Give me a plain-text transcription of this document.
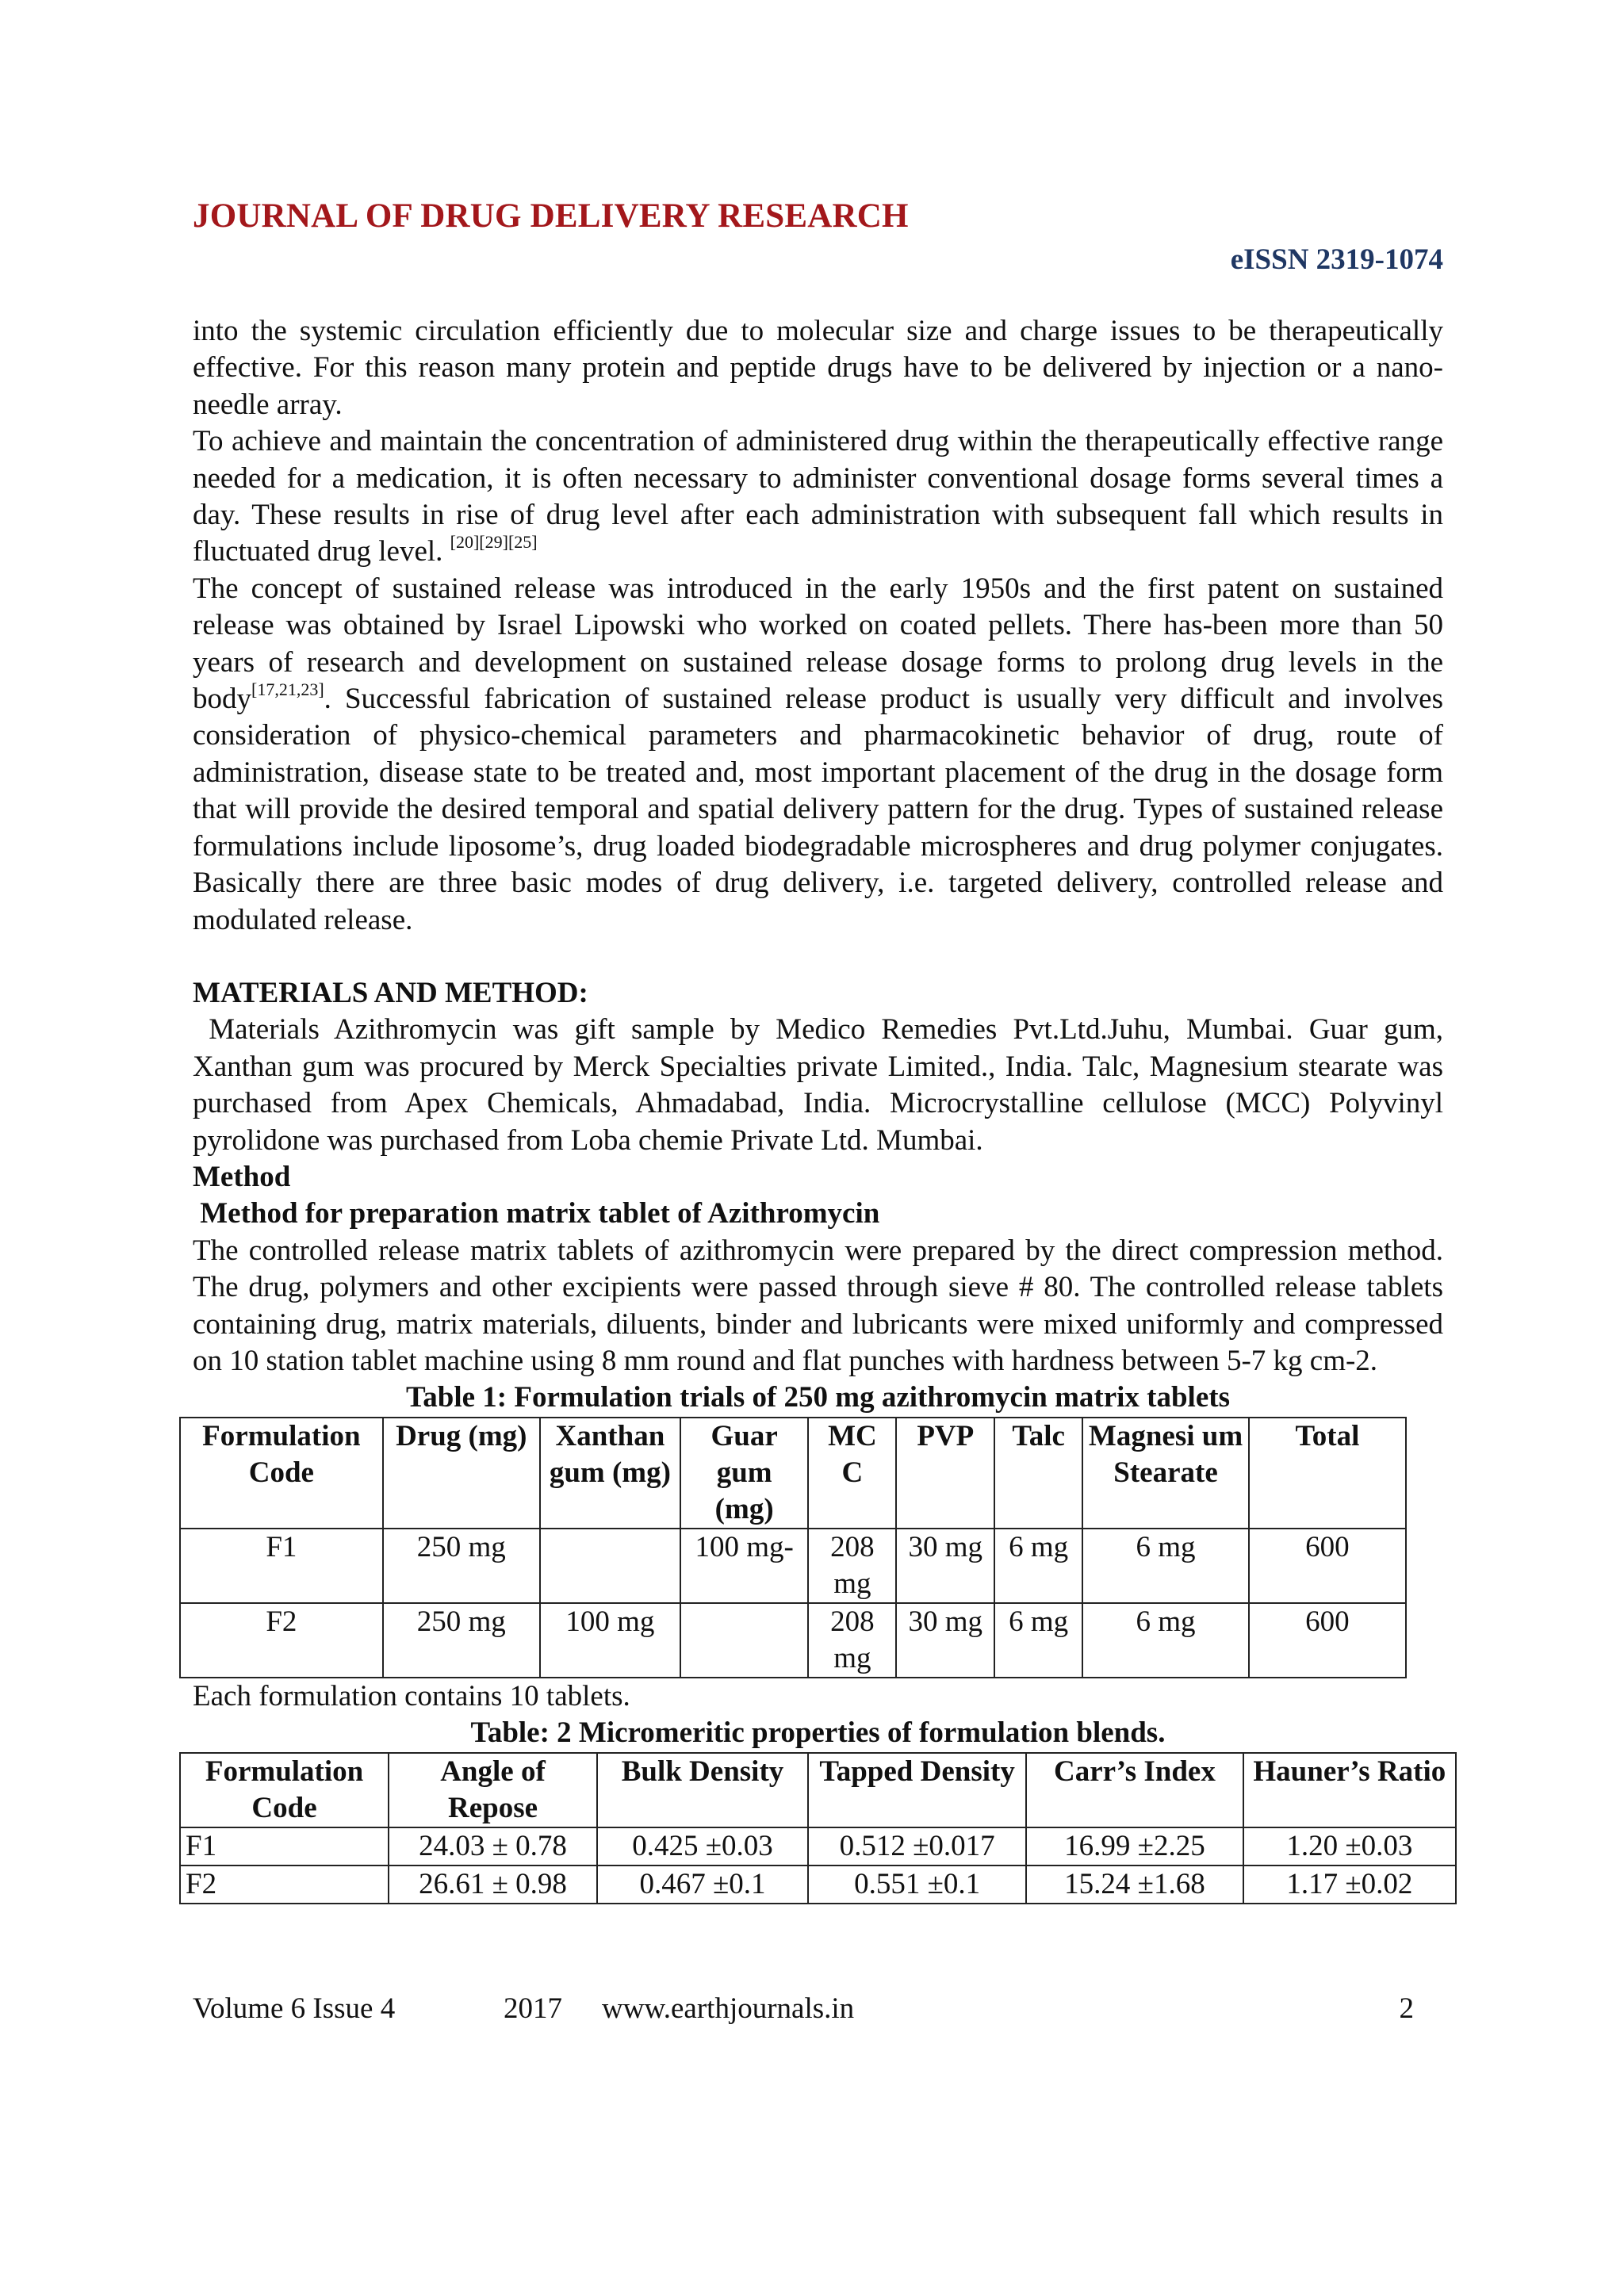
JOURNAL OF DRUG DELIVERY RESEARCH
eISSN 2319-1074

into the systemic circulation efficiently due to molecular size and charge issues to be therapeutically effective. For this reason many protein and peptide drugs have to be delivered by injection or a nano-needle array.

To achieve and maintain the concentration of administered drug within the therapeutically effective range needed for a medication, it is often necessary to administer conventional dosage forms several times a day. These results in rise of drug level after each administration with subsequent fall which results in fluctuated drug level. [20][29][25]

The concept of sustained release was introduced in the early 1950s and the first patent on sustained release was obtained by Israel Lipowski who worked on coated pellets. There has-been more than 50 years of research and development on sustained release dosage forms to prolong drug levels in the body[17,21,23]. Successful fabrication of sustained release product is usually very difficult and involves consideration of physico-chemical parameters and pharmacokinetic behavior of drug, route of administration, disease state to be treated and, most important placement of the drug in the dosage form that will provide the desired temporal and spatial delivery pattern for the drug. Types of sustained release formulations include liposome’s, drug loaded biodegradable microspheres and drug polymer conjugates. Basically there are three basic modes of drug delivery, i.e. targeted delivery, controlled release and modulated release.

MATERIALS AND METHOD:

Materials Azithromycin was gift sample by Medico Remedies Pvt.Ltd.Juhu, Mumbai. Guar gum, Xanthan gum was procured by Merck Specialties private Limited., India. Talc, Magnesium stearate was purchased from Apex Chemicals, Ahmadabad, India. Microcrystalline cellulose (MCC) Polyvinyl pyrolidone was purchased from Loba chemie Private Ltd. Mumbai.

Method

Method for preparation matrix tablet of Azithromycin

The controlled release matrix tablets of azithromycin were prepared by the direct compression method. The drug, polymers and other excipients were passed through sieve # 80. The controlled release tablets containing drug, matrix materials, diluents, binder and lubricants were mixed uniformly and compressed on 10 station tablet machine using 8 mm round and flat punches with hardness between 5-7 kg cm-2.

Table 1: Formulation trials of 250 mg azithromycin matrix tablets

Formulation Code	Drug (mg)	Xanthan gum (mg)	Guar gum (mg)	MC C	PVP	Talc	Magnesi um Stearate	Total
F1	250 mg		100 mg-	208 mg	30 mg	6 mg	6 mg	600
F2	250 mg	100 mg		208 mg	30 mg	6 mg	6 mg	600

Each formulation contains 10 tablets.

Table: 2 Micromeritic properties of formulation blends.

Formulation Code	Angle of Repose	Bulk Density	Tapped Density	Carr’s Index	Hauner’s Ratio
F1	24.03 ± 0.78	0.425 ±0.03	0.512 ±0.017	16.99 ±2.25	1.20 ±0.03
F2	26.61 ± 0.98	0.467 ±0.1	0.551 ±0.1	15.24 ±1.68	1.17 ±0.02
Volume 6 Issue 4	2017 www.earthjournals.in	2
